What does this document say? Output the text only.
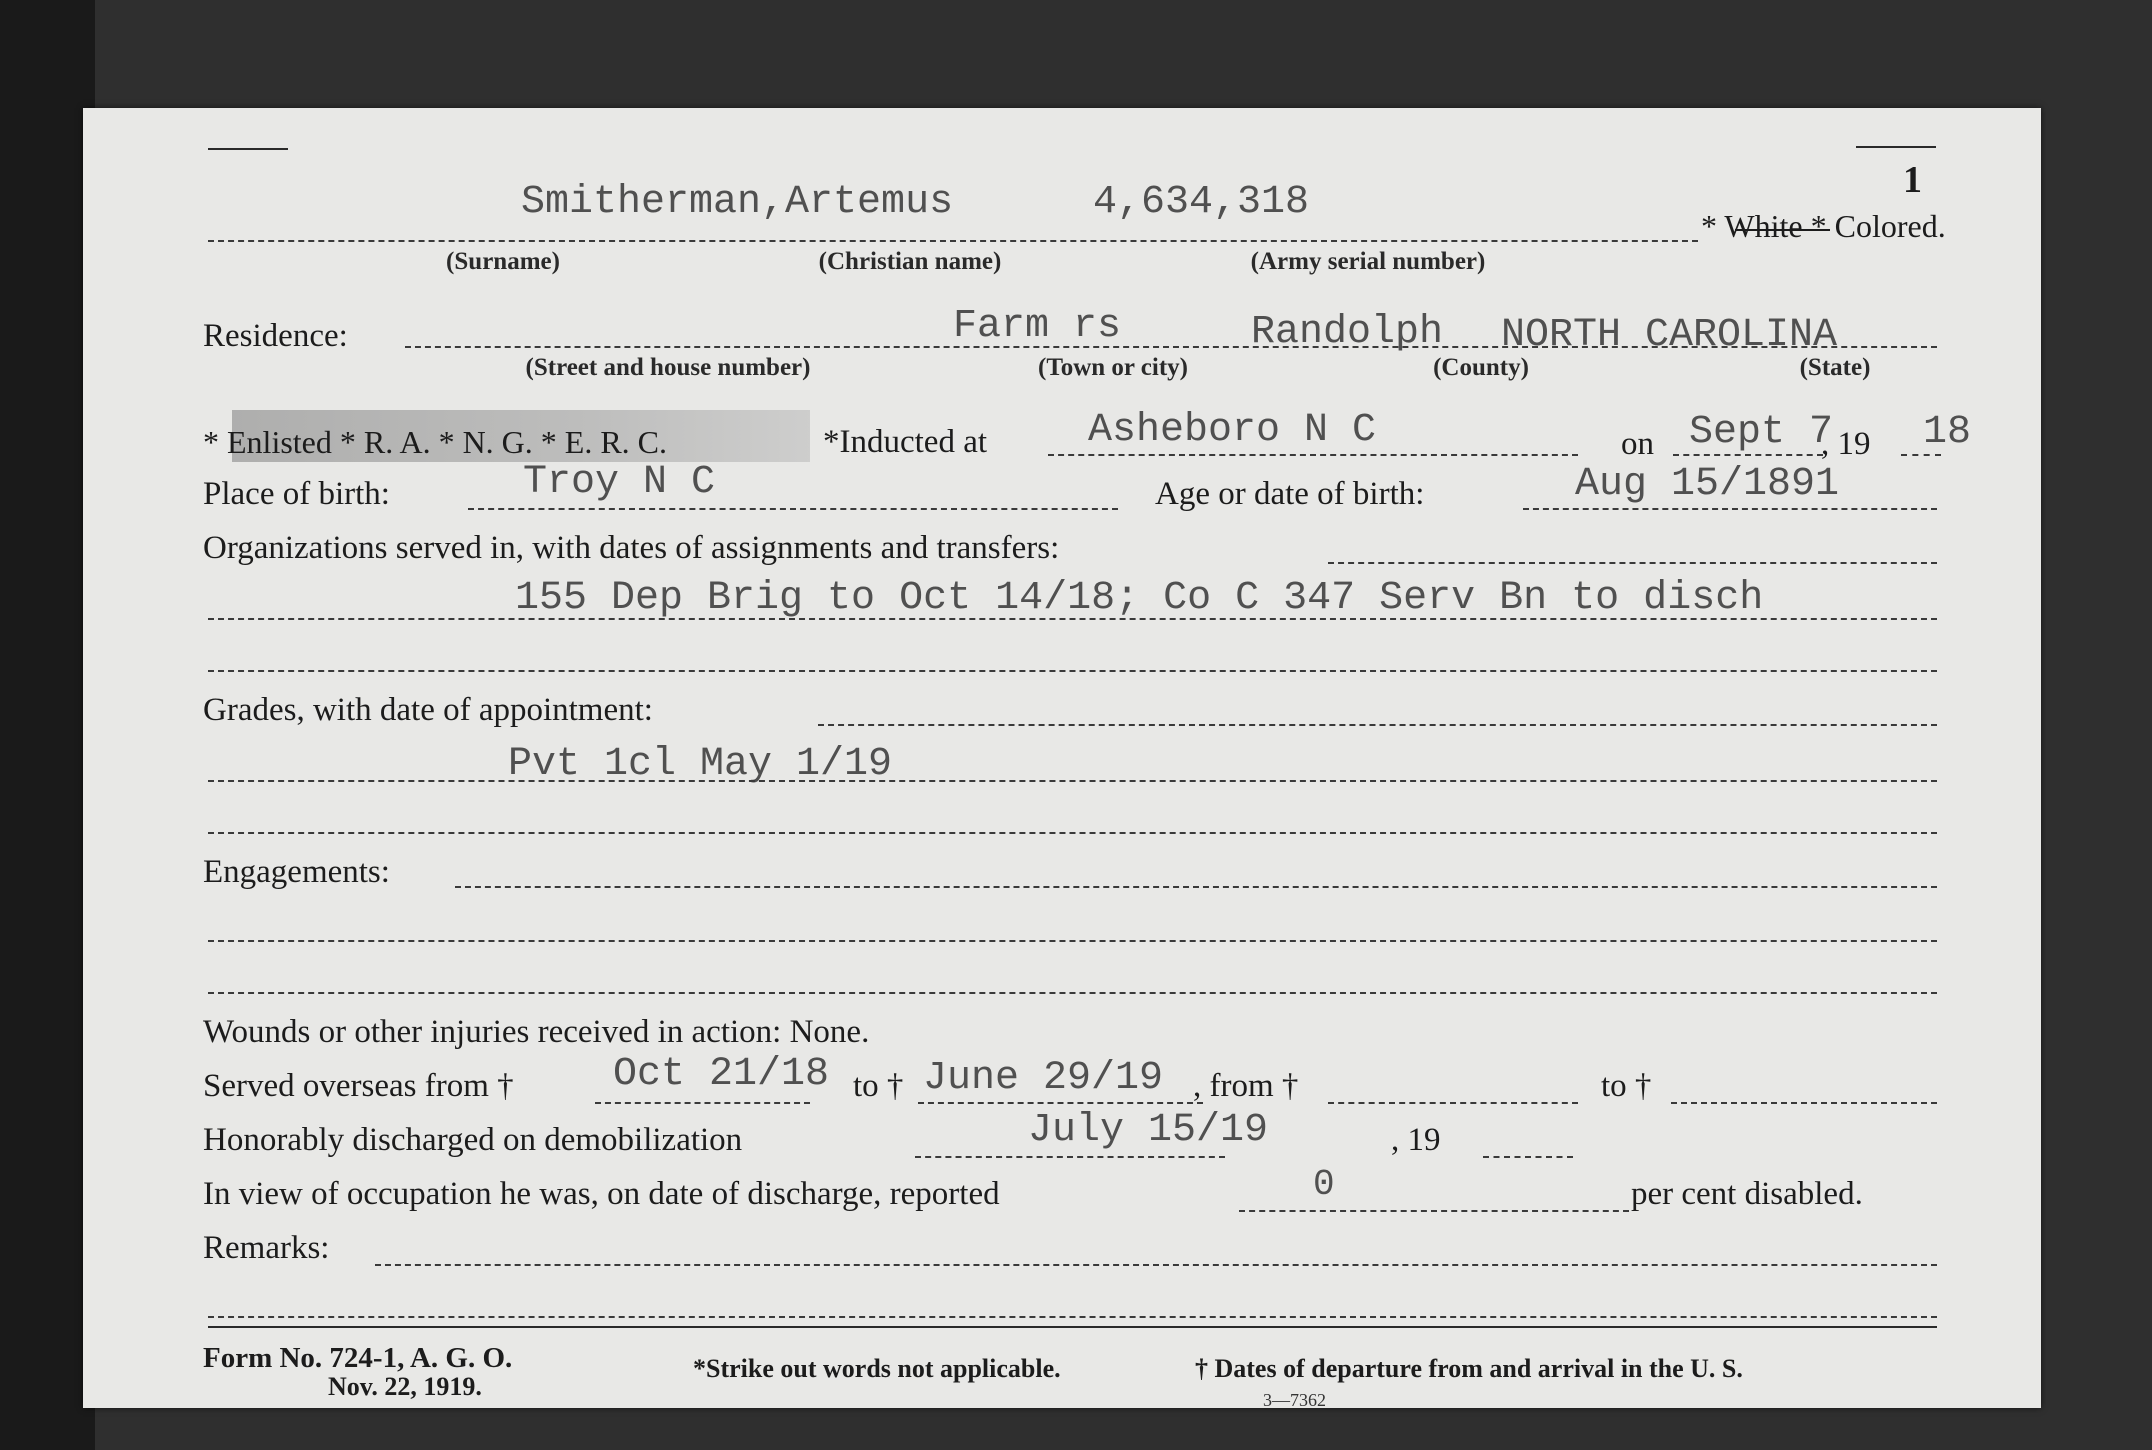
1
Smitherman,Artemus	4,634,318
* White * Colored.
(Surname)	(Christian name)	(Army serial number)
Residence:	Farm rs	Randolph NORTH CAROLINA
(Street and house number)	(Town or city)	(County)	(State)
* Enlisted * R. A. * N. G. * E. R. C.	*Inducted at	Asheboro N C	on Sept 7
, 19 18
Place of birth:	Troy N C	Age or date of birth:	Aug 15/1891
Organizations served in, with dates of assignments and transfers:
155 Dep Brig to Oct 14/18; Co C 347 Serv Bn to disch
Grades, with date of appointment:
Pvt 1cl May 1/19
Engagements:
Wounds or other injuries received in action: None.
Served overseas from † Oct 21/18 to † June 29/19 , from †	to †
Honorably discharged on demobilization	July 15/19	, 19
In view of occupation he was, on date of discharge, reported	0	per cent disabled.
Remarks:
Form No. 724-1, A. G. O.
Nov. 22, 1919.
*Strike out words not applicable.	† Dates of departure from and arrival in the U. S.
3—7362
